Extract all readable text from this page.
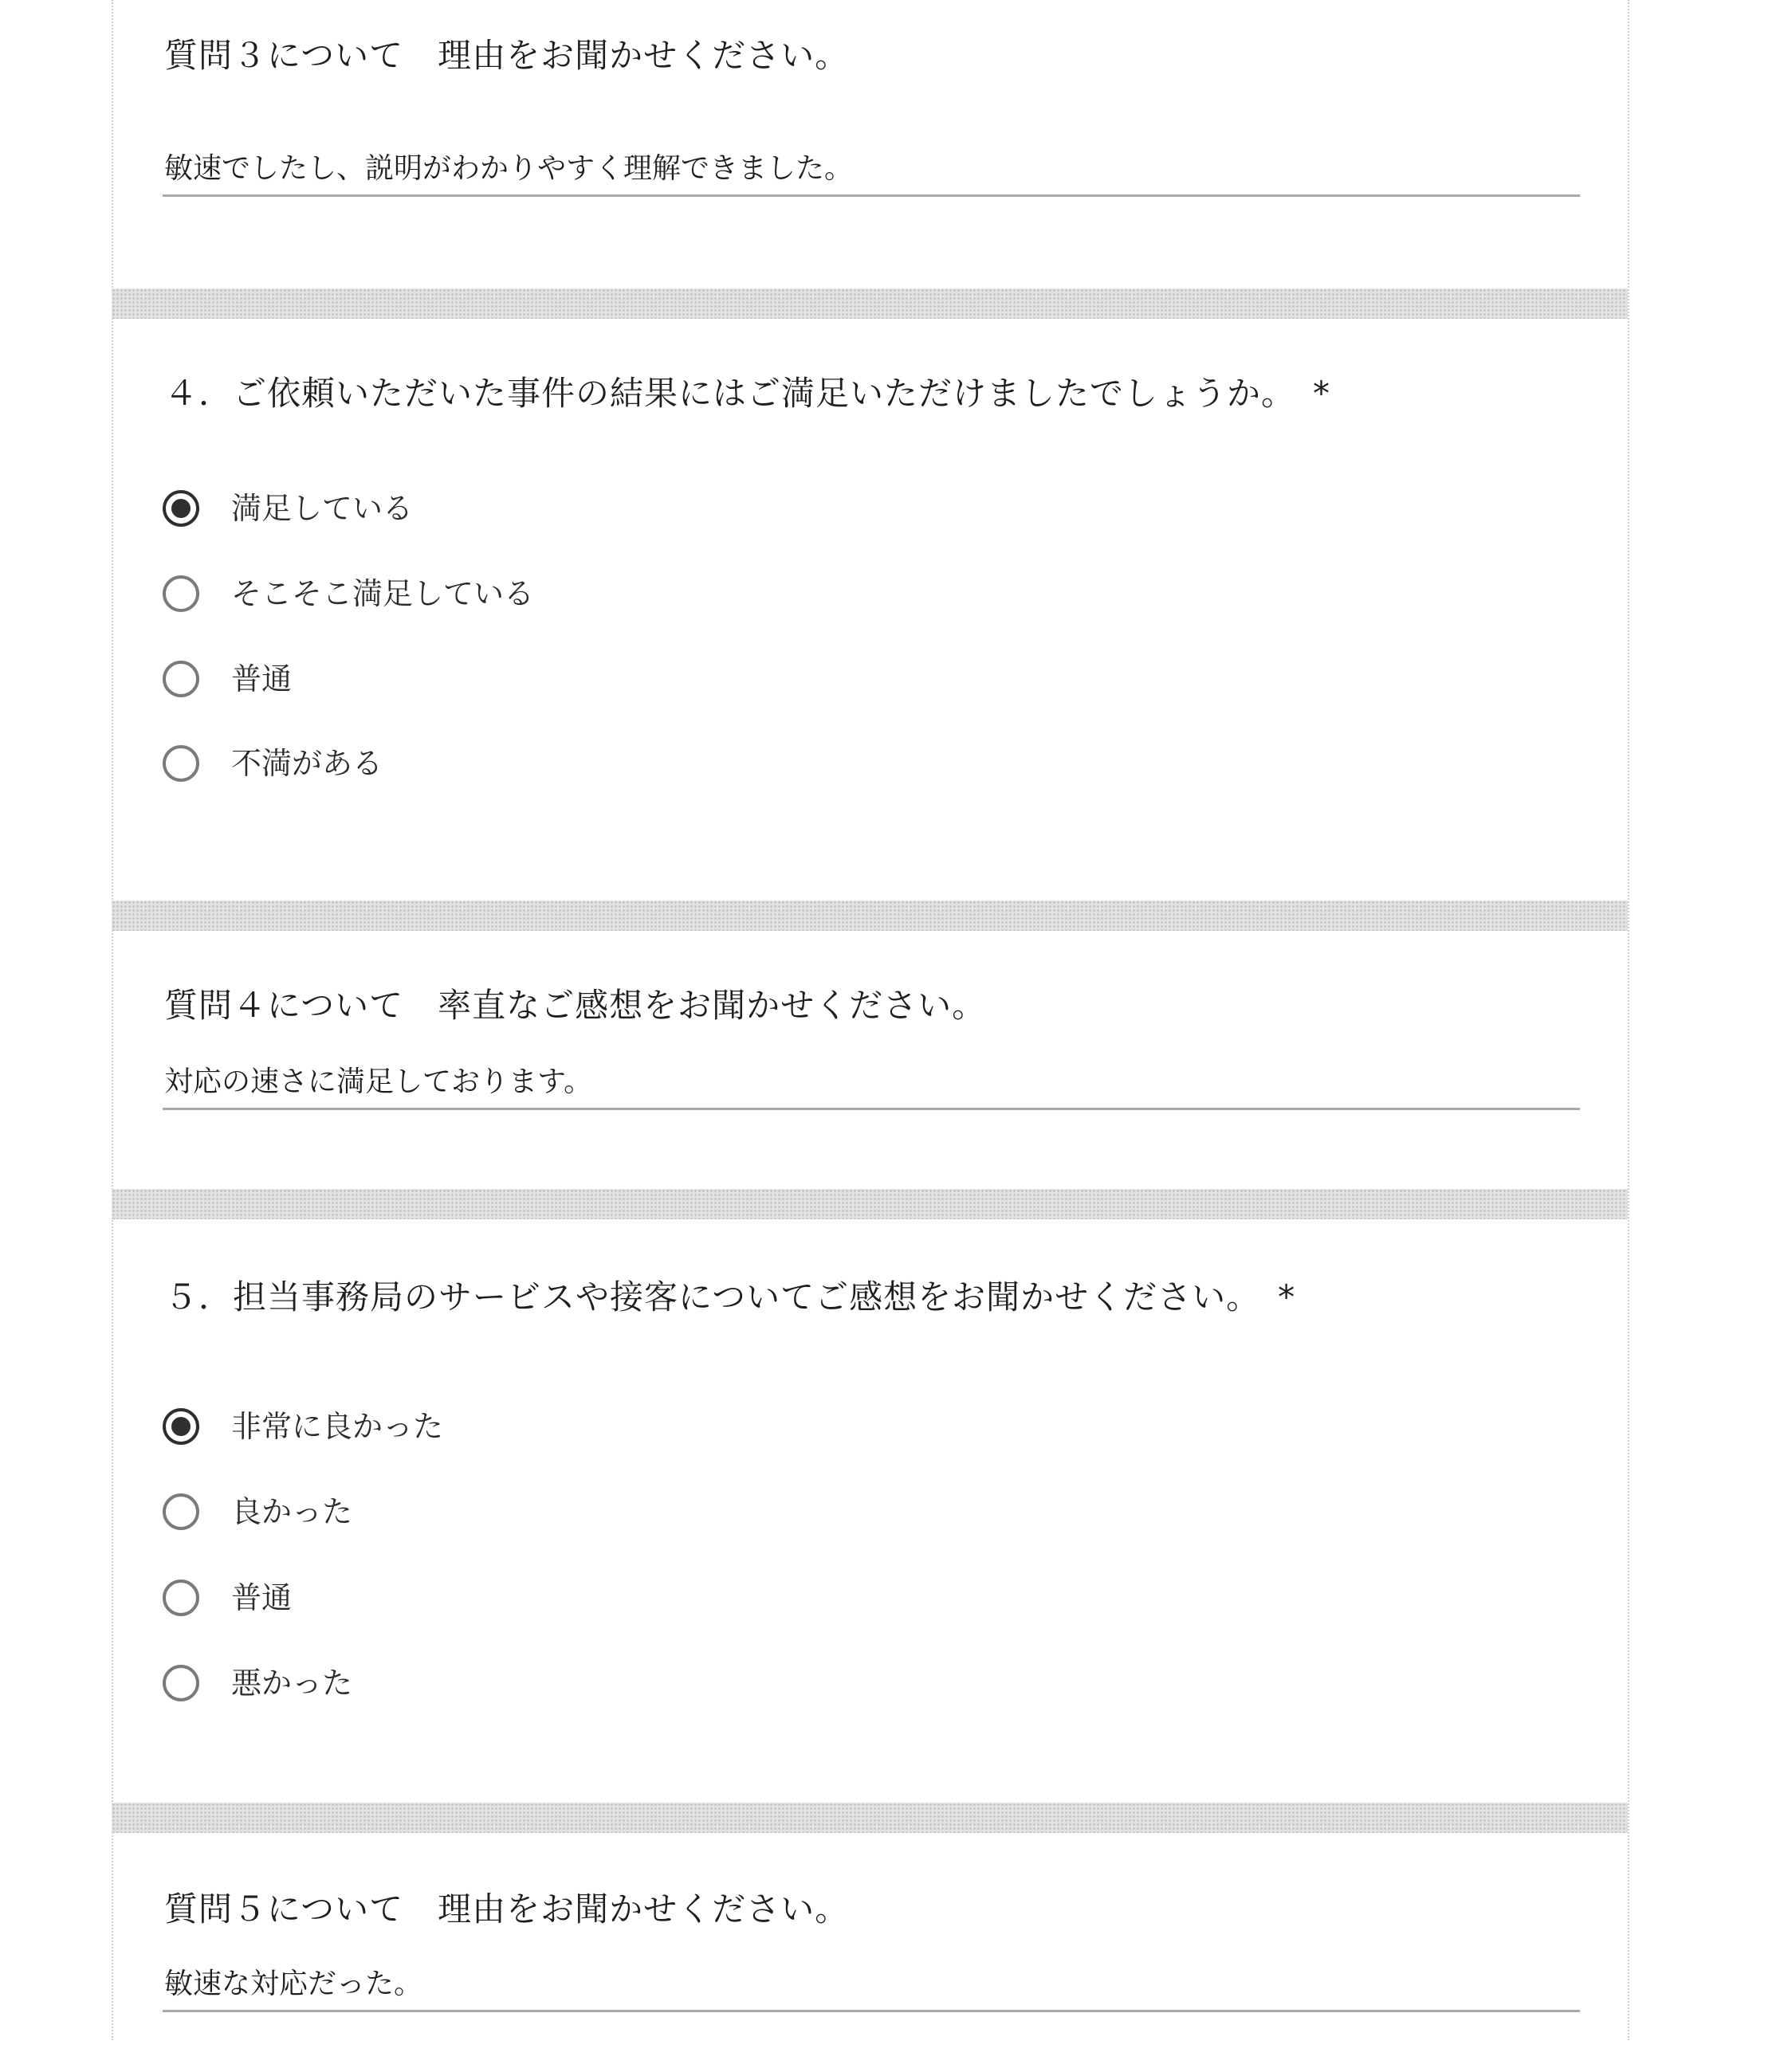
質問３について　理由をお聞かせください。
敏速でしたし、説明がわかりやすく理解できました。
４．ご依頼いただいた事件の結果にはご満足いただけましたでしょうか。 *
満足している
そこそこ満足している
普通
不満がある
質問４について　率直なご感想をお聞かせください。
対応の速さに満足しております。
５．担当事務局のサービスや接客についてご感想をお聞かせください。 *
非常に良かった
良かった
普通
悪かった
質問５について　理由をお聞かせください。
敏速な対応だった。
